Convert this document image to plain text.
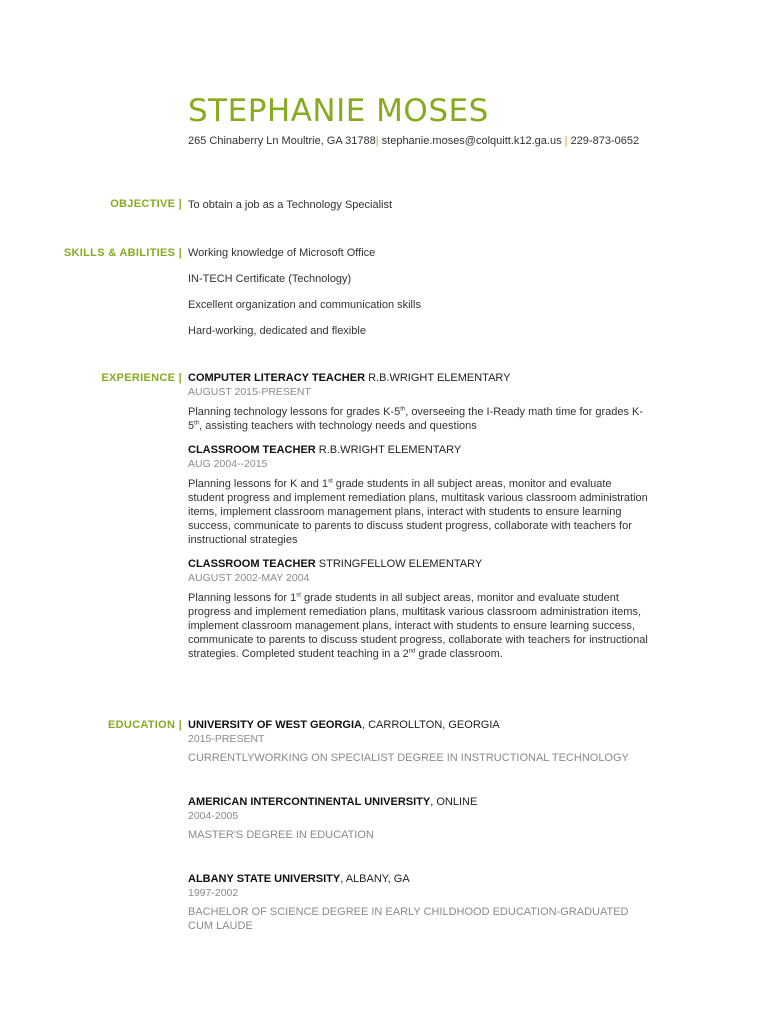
STEPHANIE MOSES
265 Chinaberry Ln Moultrie, GA 31788| stephanie.moses@colquitt.k12.ga.us | 229-873-0652
OBJECTIVE | To obtain a job as a Technology Specialist
SKILLS & ABILITIES | Working knowledge of Microsoft Office
IN-TECH Certificate (Technology)
Excellent organization and communication skills
Hard-working, dedicated and flexible
EXPERIENCE | COMPUTER LITERACY TEACHER R.B.WRIGHT ELEMENTARY
AUGUST 2015-PRESENT
Planning technology lessons for grades K-5th, overseeing the I-Ready math time for grades K-5th, assisting teachers with technology needs and questions
CLASSROOM TEACHER R.B.WRIGHT ELEMENTARY
AUG 2004--2015
Planning lessons for K and 1st grade students in all subject areas, monitor and evaluate student progress and implement remediation plans, multitask various classroom administration items, implement classroom management plans, interact with students to ensure learning success, communicate to parents to discuss student progress, collaborate with teachers for instructional strategies
CLASSROOM TEACHER STRINGFELLOW ELEMENTARY
AUGUST 2002-MAY 2004
Planning lessons for 1st grade students in all subject areas, monitor and evaluate student progress and implement remediation plans, multitask various classroom administration items, implement classroom management plans, interact with students to ensure learning success, communicate to parents to discuss student progress, collaborate with teachers for instructional strategies. Completed student teaching in a 2nd grade classroom.
EDUCATION | UNIVERSITY OF WEST GEORGIA, CARROLLTON, GEORGIA
2015-PRESENT
CURRENTLYWORKING ON SPECIALIST DEGREE IN INSTRUCTIONAL TECHNOLOGY
AMERICAN INTERCONTINENTAL UNIVERSITY, ONLINE
2004-2005
MASTER'S DEGREE IN EDUCATION
ALBANY STATE UNIVERSITY, ALBANY, GA
1997-2002
BACHELOR OF SCIENCE DEGREE IN EARLY CHILDHOOD EDUCATION-GRADUATED CUM LAUDE
